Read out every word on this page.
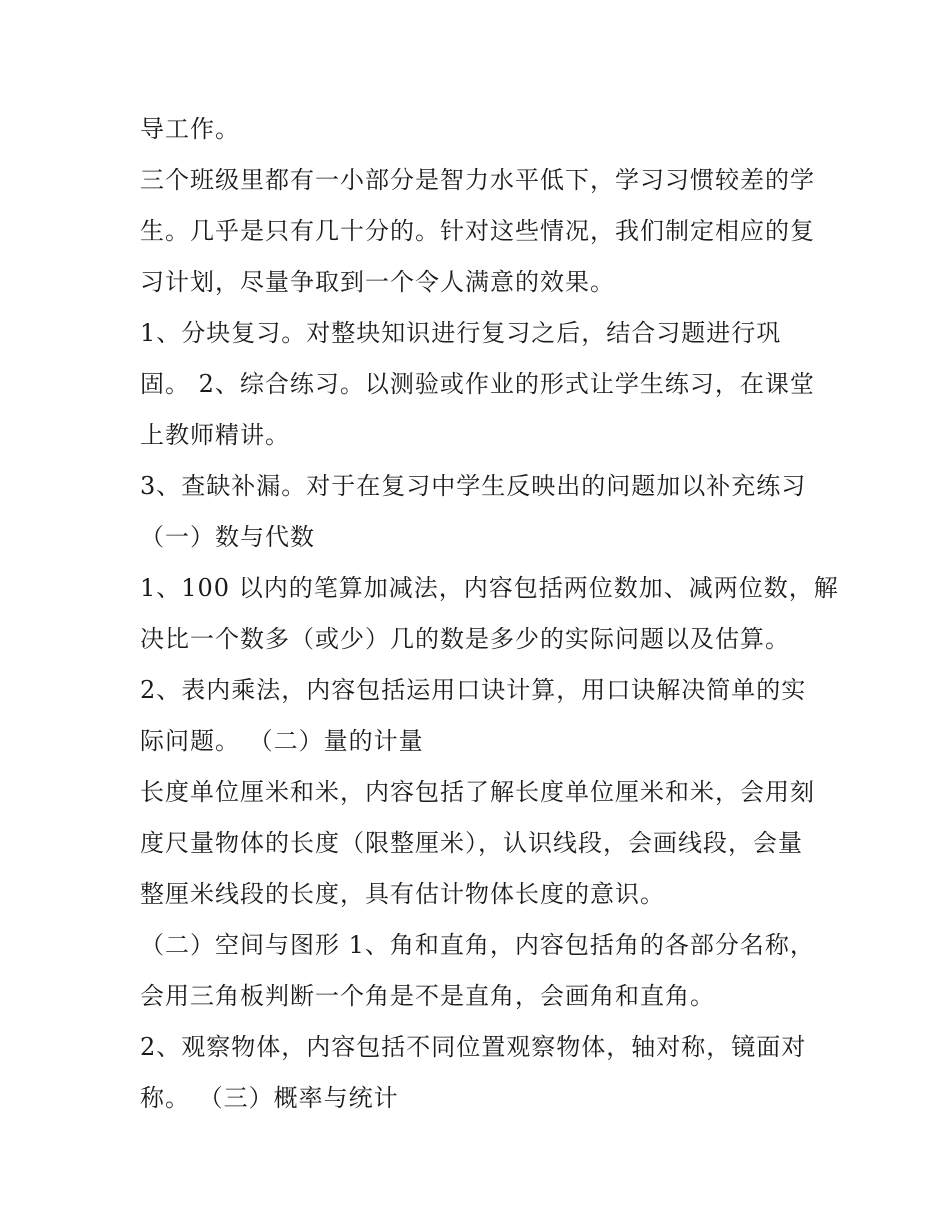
导工作。
三个班级里都有一小部分是智力水平低下，学习习惯较差的学
生。几乎是只有几十分的。针对这些情况，我们制定相应的复
习计划，尽量争取到一个令人满意的效果。
1、分块复习。对整块知识进行复习之后，结合习题进行巩
固。 2、综合练习。以测验或作业的形式让学生练习，在课堂
上教师精讲。
3、查缺补漏。对于在复习中学生反映出的问题加以补充练习
（一）数与代数
1、100 以内的笔算加减法，内容包括两位数加、减两位数，解
决比一个数多（或少）几的数是多少的实际问题以及估算。
2、表内乘法，内容包括运用口诀计算，用口诀解决简单的实
际问题。 （二）量的计量
长度单位厘米和米，内容包括了解长度单位厘米和米，会用刻
度尺量物体的长度（限整厘米），认识线段，会画线段，会量
整厘米线段的长度，具有估计物体长度的意识。
（二）空间与图形 1、角和直角，内容包括角的各部分名称，
会用三角板判断一个角是不是直角，会画角和直角。
2、观察物体，内容包括不同位置观察物体，轴对称，镜面对
称。 （三）概率与统计
